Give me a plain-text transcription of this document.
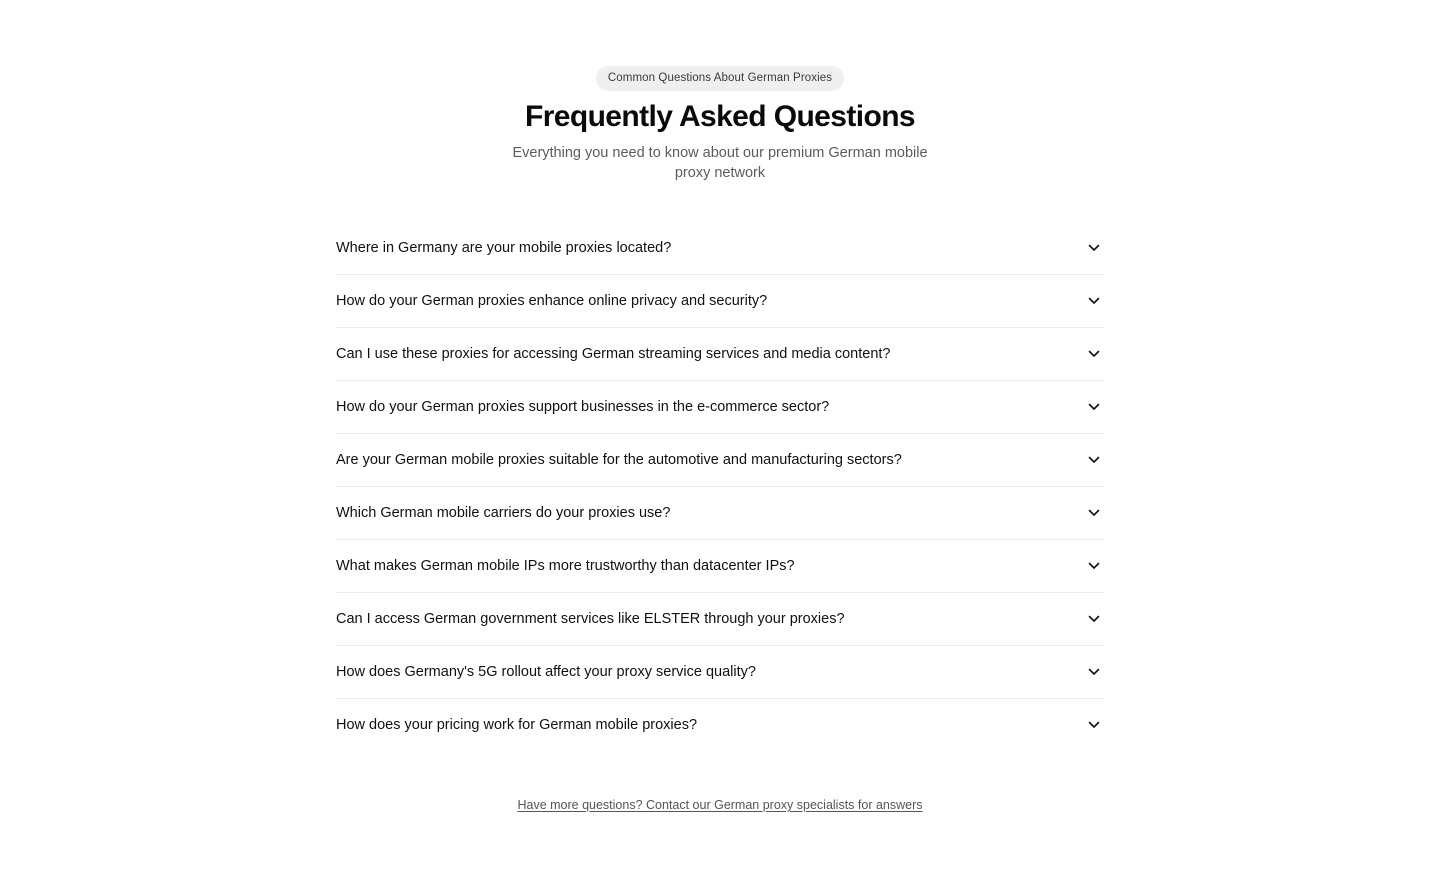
Common Questions About German Proxies
Frequently Asked Questions

Everything you need to know about our premium German mobile proxy network

Where in Germany are your mobile proxies located?
How do your German proxies enhance online privacy and security?
Can I use these proxies for accessing German streaming services and media content?
How do your German proxies support businesses in the e-commerce sector?
Are your German mobile proxies suitable for the automotive and manufacturing sectors?
Which German mobile carriers do your proxies use?
What makes German mobile IPs more trustworthy than datacenter IPs?
Can I access German government services like ELSTER through your proxies?
How does Germany's 5G rollout affect your proxy service quality?
How does your pricing work for German mobile proxies?
Have more questions? Contact our German proxy specialists for answers
